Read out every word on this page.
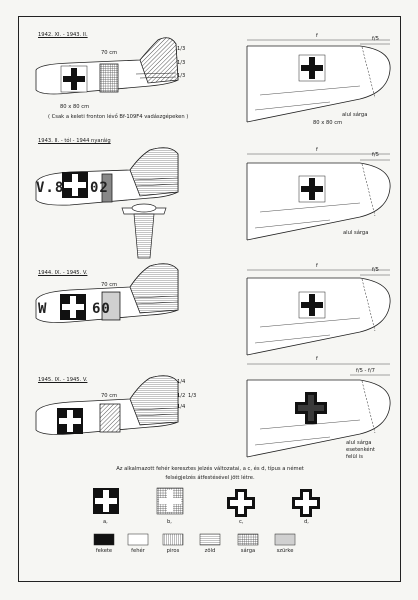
V.8 02
W	60
1942. XI. - 1943. II.
70 cm
1/3
1/3
1/3
80 x 80 cm
( Csak a keleti fronton lévő Bf-109F4 vadászgépeken )
f	f/5
alul sárga
80 x 80 cm
1943. II. - tól - 1944 nyaráig
f
f/5
alul sárga
1944. IX. - 1945. V.
70 cm
f
f/5
1945. IX. - 1945. V.
70 cm
1/4
1/2 1/3
1/4
f
f/5 - f/7
alul sárga esetenként felül is
Az alkalmazott fehér keresztes jelzés változatai, a c, és d, típus a német
felségjelzés átfestésével jött létre.
a,	b,	c,	d,
fekete	fehér	piros	zöld	sárga	szürke
